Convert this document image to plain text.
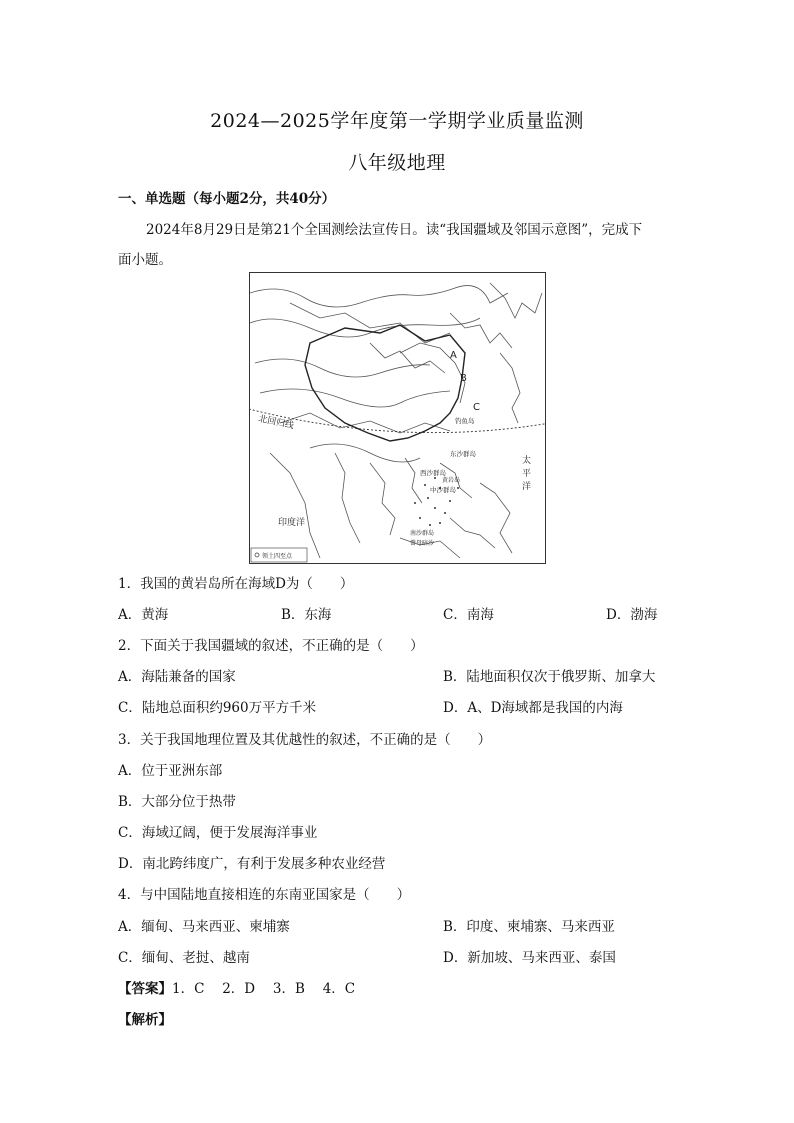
2024—2025学年度第一学期学业质量监测
八年级地理
一、单选题（每小题2分，共40分）
2024年8月29日是第21个全国测绘法宣传日。读“我国疆域及邻国示意图”，完成下
面小题。
A
B
C
钓鱼岛
北回归线
东沙群岛
西沙群岛
黄岩岛
中沙群岛
南沙群岛
曾母暗沙
太
平
洋
印度洋
领土四至点
1．我国的黄岩岛所在海域D为（　　）
A．黄海	B．东海	C．南海	D．渤海
2．下面关于我国疆域的叙述，不正确的是（　　）
A．海陆兼备的国家	B．陆地面积仅次于俄罗斯、加拿大
C．陆地总面积约960万平方千米	D．A、D海域都是我国的内海
3．关于我国地理位置及其优越性的叙述，不正确的是（　　）
A．位于亚洲东部
B．大部分位于热带
C．海域辽阔，便于发展海洋事业
D．南北跨纬度广，有利于发展多种农业经营
4．与中国陆地直接相连的东南亚国家是（　　）
A．缅甸、马来西亚、柬埔寨	B．印度、柬埔寨、马来西亚
C．缅甸、老挝、越南	D．新加坡、马来西亚、泰国
【答案】1．C　 2．D　 3．B　 4．C
【解析】
